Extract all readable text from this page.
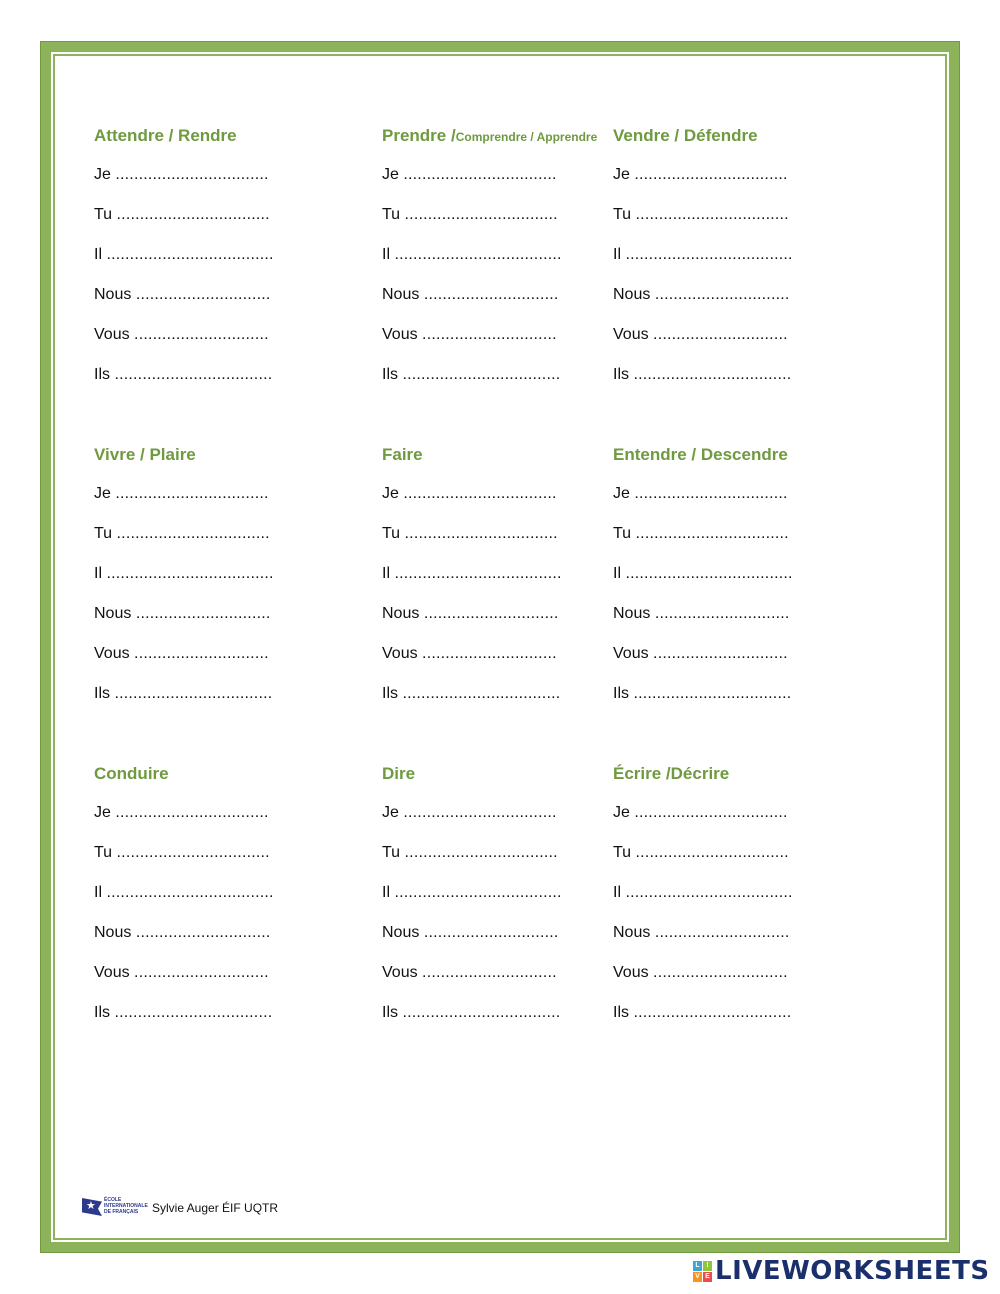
Attendre / Rendre
Je .................................
Tu .................................
Il ....................................
Nous .............................
Vous .............................
Ils ..................................
Prendre /Comprendre / Apprendre
Je .................................
Tu .................................
Il ....................................
Nous .............................
Vous .............................
Ils ..................................
Vendre / Défendre
Je .................................
Tu .................................
Il ....................................
Nous .............................
Vous .............................
Ils ..................................
Vivre / Plaire
Je .................................
Tu .................................
Il ....................................
Nous .............................
Vous .............................
Ils ..................................
Faire
Je .................................
Tu .................................
Il ....................................
Nous .............................
Vous .............................
Ils ..................................
Entendre / Descendre
Je .................................
Tu .................................
Il ....................................
Nous .............................
Vous .............................
Ils ..................................
Conduire
Je .................................
Tu .................................
Il ....................................
Nous .............................
Vous .............................
Ils ..................................
Dire
Je .................................
Tu .................................
Il ....................................
Nous .............................
Vous .............................
Ils ..................................
Écrire /Décrire
Je .................................
Tu .................................
Il ....................................
Nous .............................
Vous .............................
Ils ..................................
★ ÉCOLE INTERNATIONALE DE FRANÇAIS	Sylvie Auger ÉIF UQTR
L I
V E LIVEWORKSHEETS
